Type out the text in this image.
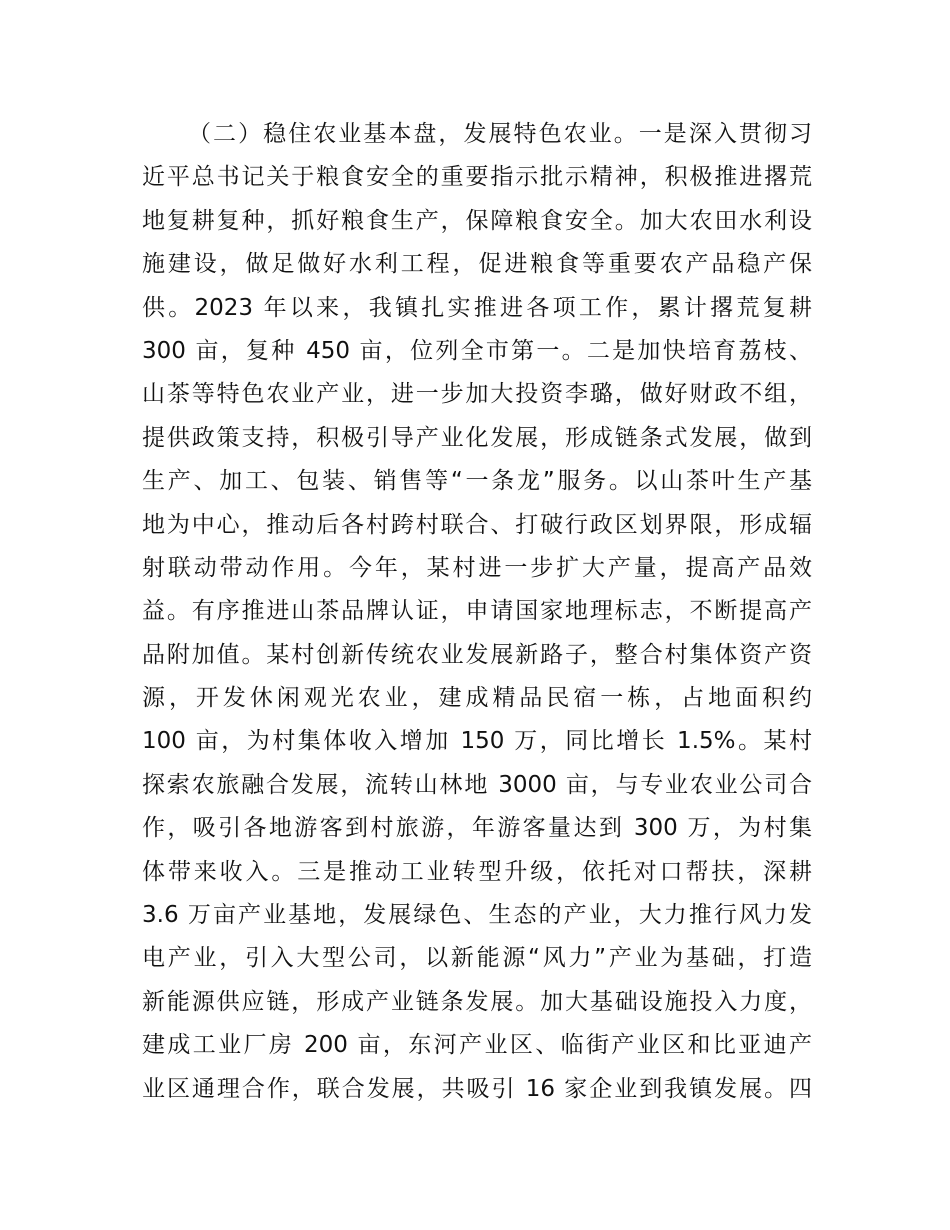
（二）稳住农业基本盘，发展特色农业。一是深入贯彻习
近平总书记关于粮食安全的重要指示批示精神，积极推进撂荒
地复耕复种，抓好粮食生产，保障粮食安全。加大农田水利设
施建设，做足做好水利工程，促进粮食等重要农产品稳产保
供。2023 年以来，我镇扎实推进各项工作，累计撂荒复耕
300 亩，复种 450 亩，位列全市第一。二是加快培育荔枝、
山茶等特色农业产业，进一步加大投资李璐，做好财政不组，
提供政策支持，积极引导产业化发展，形成链条式发展，做到
生产、加工、包装、销售等“一条龙”服务。以山茶叶生产基
地为中心，推动后各村跨村联合、打破行政区划界限，形成辐
射联动带动作用。今年，某村进一步扩大产量，提高产品效
益。有序推进山茶品牌认证，申请国家地理标志，不断提高产
品附加值。某村创新传统农业发展新路子，整合村集体资产资
源，开发休闲观光农业，建成精品民宿一栋，占地面积约
100 亩，为村集体收入增加 150 万，同比增长 1.5%。某村
探索农旅融合发展，流转山林地 3000 亩，与专业农业公司合
作，吸引各地游客到村旅游，年游客量达到 300 万，为村集
体带来收入。三是推动工业转型升级，依托对口帮扶，深耕
3.6 万亩产业基地，发展绿色、生态的产业，大力推行风力发
电产业，引入大型公司，以新能源“风力”产业为基础，打造
新能源供应链，形成产业链条发展。加大基础设施投入力度，
建成工业厂房 200 亩，东河产业区、临街产业区和比亚迪产
业区通理合作，联合发展，共吸引 16 家企业到我镇发展。四
